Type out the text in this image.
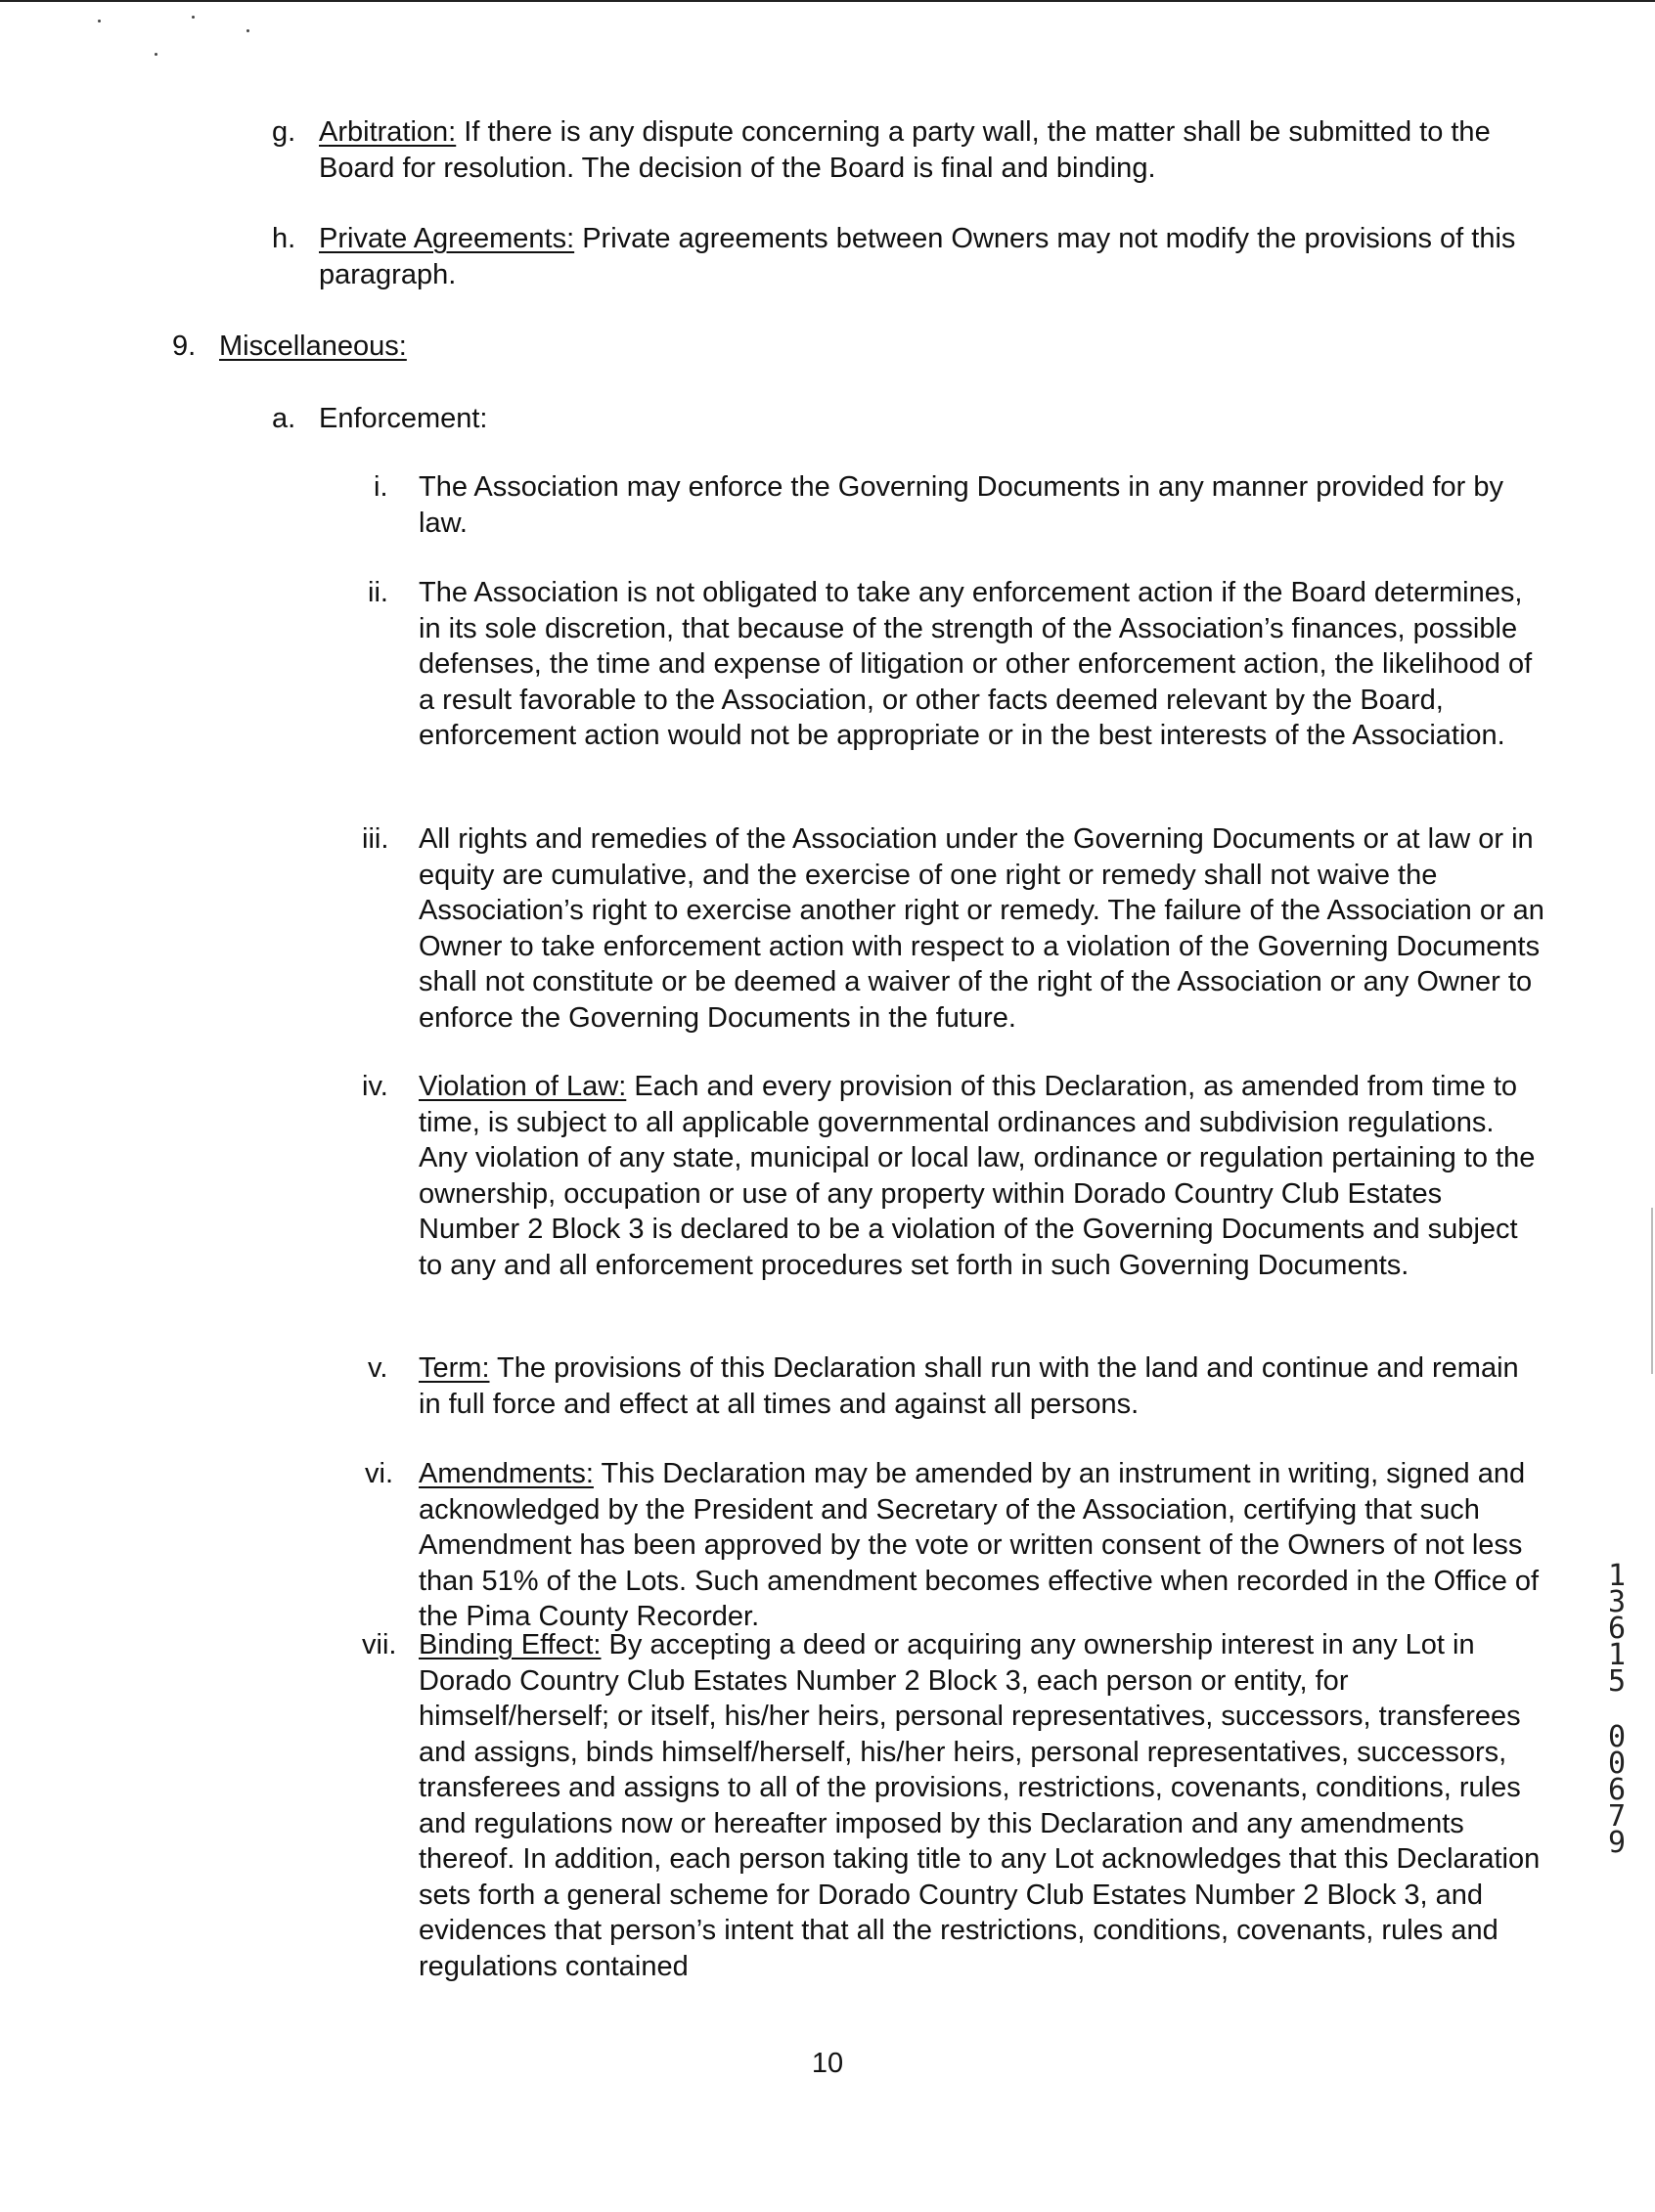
g. Arbitration: If there is any dispute concerning a party wall, the matter shall be submitted to the Board for resolution. The decision of the Board is final and binding.
h. Private Agreements: Private agreements between Owners may not modify the provisions of this paragraph.
9. Miscellaneous:
a. Enforcement:
i. The Association may enforce the Governing Documents in any manner provided for by law.
ii. The Association is not obligated to take any enforcement action if the Board determines, in its sole discretion, that because of the strength of the Association’s finances, possible defenses, the time and expense of litigation or other enforcement action, the likelihood of a result favorable to the Association, or other facts deemed relevant by the Board, enforcement action would not be appropriate or in the best interests of the Association.
iii. All rights and remedies of the Association under the Governing Documents or at law or in equity are cumulative, and the exercise of one right or remedy shall not waive the Association’s right to exercise another right or remedy. The failure of the Association or an Owner to take enforcement action with respect to a violation of the Governing Documents shall not constitute or be deemed a waiver of the right of the Association or any Owner to enforce the Governing Documents in the future.
iv. Violation of Law: Each and every provision of this Declaration, as amended from time to time, is subject to all applicable governmental ordinances and subdivision regulations. Any violation of any state, municipal or local law, ordinance or regulation pertaining to the ownership, occupation or use of any property within Dorado Country Club Estates Number 2 Block 3 is declared to be a violation of the Governing Documents and subject to any and all enforcement procedures set forth in such Governing Documents.
v. Term: The provisions of this Declaration shall run with the land and continue and remain in full force and effect at all times and against all persons.
vi. Amendments: This Declaration may be amended by an instrument in writing, signed and acknowledged by the President and Secretary of the Association, certifying that such Amendment has been approved by the vote or written consent of the Owners of not less than 51% of the Lots. Such amendment becomes effective when recorded in the Office of the Pima County Recorder.
vii. Binding Effect: By accepting a deed or acquiring any ownership interest in any Lot in Dorado Country Club Estates Number 2 Block 3, each person or entity, for himself/herself; or itself, his/her heirs, personal representatives, successors, transferees and assigns, binds himself/herself, his/her heirs, personal representatives, successors, transferees and assigns to all of the provisions, restrictions, covenants, conditions, rules and regulations now or hereafter imposed by this Declaration and any amendments thereof. In addition, each person taking title to any Lot acknowledges that this Declaration sets forth a general scheme for Dorado Country Club Estates Number 2 Block 3, and evidences that person’s intent that all the restrictions, conditions, covenants, rules and regulations contained
10
1
3
6
1
5
0
0
6
7
9
